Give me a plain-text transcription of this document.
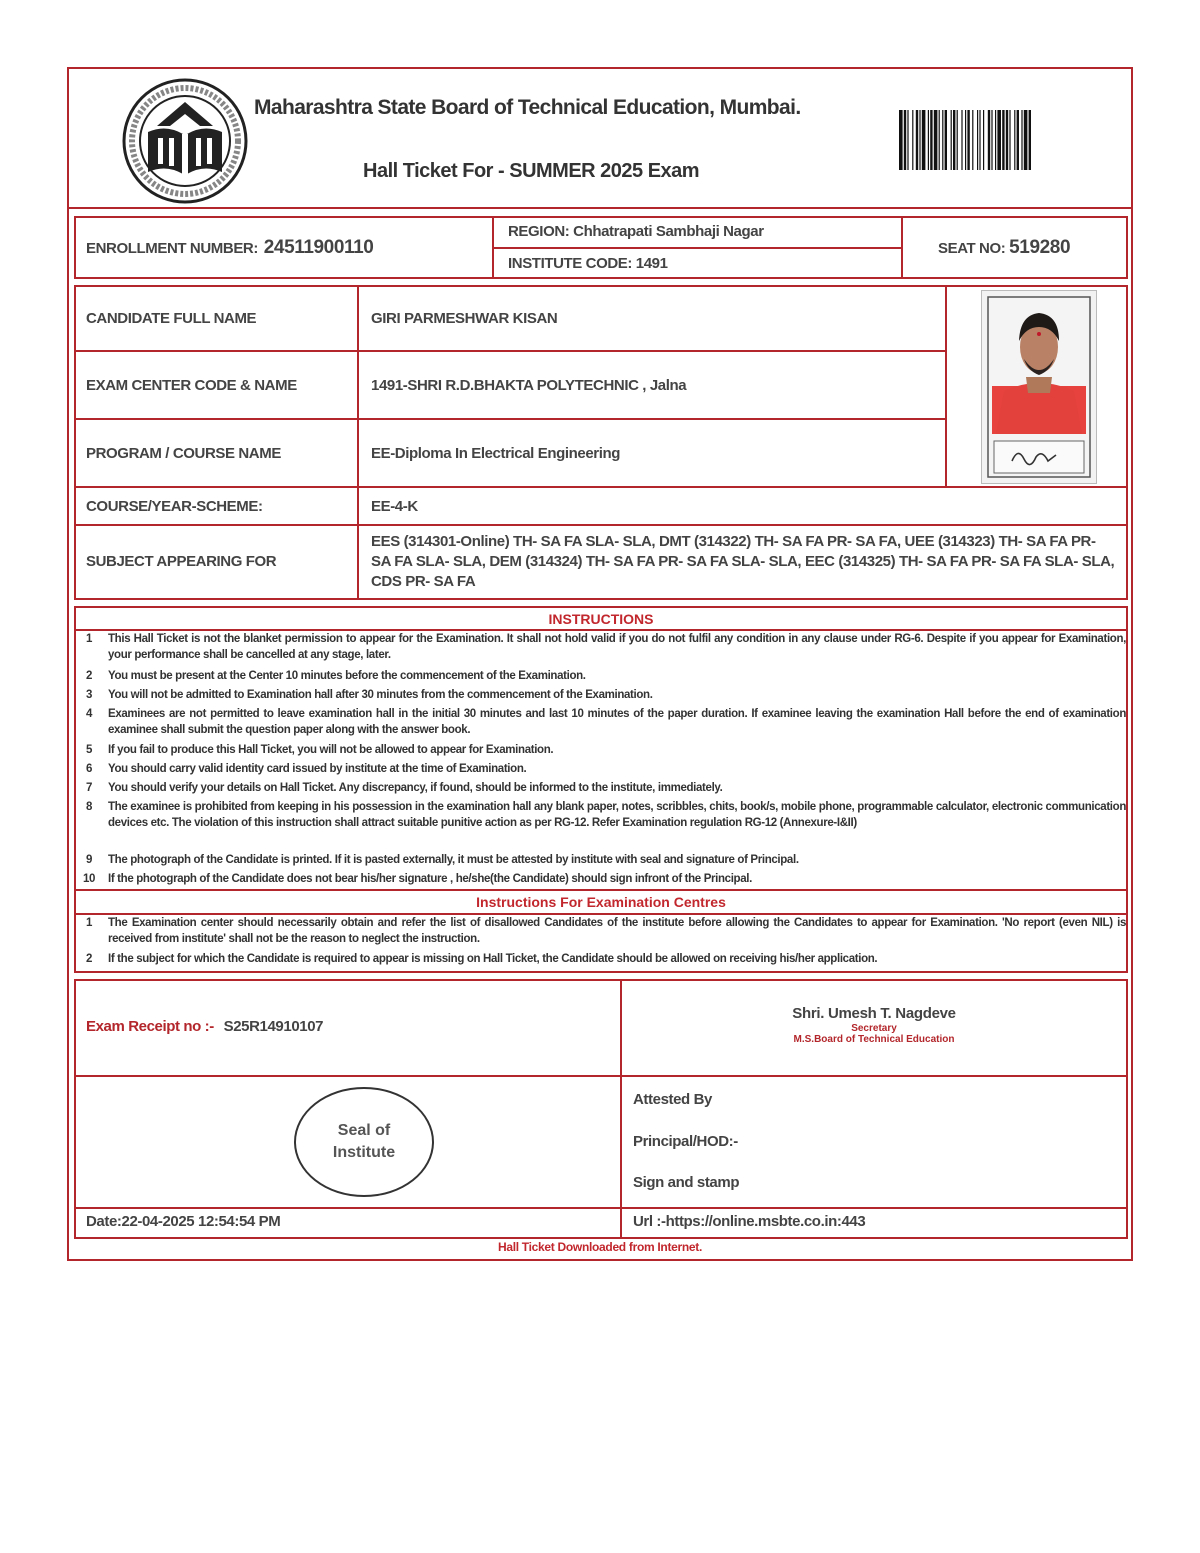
Maharashtra State Board of Technical Education, Mumbai.
Hall Ticket For - SUMMER 2025 Exam
ENROLLMENT NUMBER: 24511900110
REGION: Chhatrapati Sambhaji Nagar
INSTITUTE CODE: 1491
SEAT NO: 519280
CANDIDATE FULL NAME	GIRI PARMESHWAR KISAN
EXAM CENTER CODE & NAME	1491-SHRI R.D.BHAKTA POLYTECHNIC , Jalna
PROGRAM / COURSE NAME	EE-Diploma In Electrical Engineering
COURSE/YEAR-SCHEME:	EE-4-K
SUBJECT APPEARING FOR
EES (314301-Online) TH- SA FA SLA- SLA, DMT (314322) TH- SA FA PR- SA FA, UEE (314323) TH- SA FA PR- SA FA SLA- SLA, DEM (314324) TH- SA FA PR- SA FA SLA- SLA, EEC (314325) TH- SA FA PR- SA FA SLA- SLA, CDS PR- SA FA
INSTRUCTIONS
1	This Hall Ticket is not the blanket permission to appear for the Examination. It shall not hold valid if you do not fulfil any condition in any clause under RG-6. Despite if you appear for Examination, your performance shall be cancelled at any stage, later.
2	You must be present at the Center 10 minutes before the commencement of the Examination.
3	You will not be admitted to Examination hall after 30 minutes from the commencement of the Examination.
4	Examinees are not permitted to leave examination hall in the initial 30 minutes and last 10 minutes of the paper duration. If examinee leaving the examination Hall before the end of examination examinee shall submit the question paper along with the answer book.
5	If you fail to produce this Hall Ticket, you will not be allowed to appear for Examination.
6	You should carry valid identity card issued by institute at the time of Examination.
7	You should verify your details on Hall Ticket. Any discrepancy, if found, should be informed to the institute, immediately.
8	The examinee is prohibited from keeping in his possession in the examination hall any blank paper, notes, scribbles, chits, book/s, mobile phone, programmable calculator, electronic communication devices etc. The violation of this instruction shall attract suitable punitive action as per RG-12. Refer Examination regulation RG-12 (Annexure-I&II)
9	The photograph of the Candidate is printed. If it is pasted externally, it must be attested by institute with seal and signature of Principal.
10	If the photograph of the Candidate does not bear his/her signature , he/she(the Candidate) should sign infront of the Principal.
Instructions For Examination Centres
1	The Examination center should necessarily obtain and refer the list of disallowed Candidates of the institute before allowing the Candidates to appear for Examination. 'No report (even NIL) is received from institute' shall not be the reason to neglect the instruction.
2	If the subject for which the Candidate is required to appear is missing on Hall Ticket, the Candidate should be allowed on receiving his/her application.
Exam Receipt no :- S25R14910107
Shri. Umesh T. Nagdeve
Secretary
M.S.Board of Technical Education
Seal of Institute
Attested By
Principal/HOD:-
Sign and stamp
Date:22-04-2025 12:54:54 PM	Url :-https://online.msbte.co.in:443
Hall Ticket Downloaded from Internet.
